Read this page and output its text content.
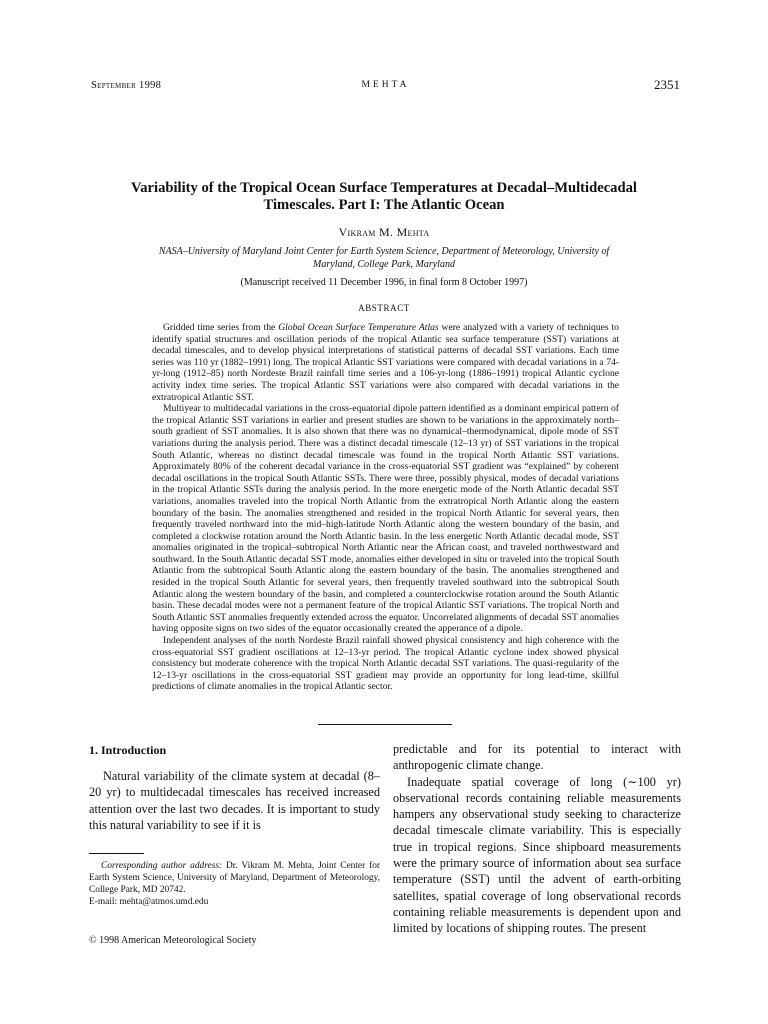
September 1998	MEHTA	2351
Variability of the Tropical Ocean Surface Temperatures at Decadal–Multidecadal Timescales. Part I: The Atlantic Ocean
Vikram M. Mehta
NASA–University of Maryland Joint Center for Earth System Science, Department of Meteorology, University of Maryland, College Park, Maryland
(Manuscript received 11 December 1996, in final form 8 October 1997)
ABSTRACT

Gridded time series from the Global Ocean Surface Temperature Atlas were analyzed with a variety of techniques to identify spatial structures and oscillation periods of the tropical Atlantic sea surface temperature (SST) variations at decadal timescales, and to develop physical interpretations of statistical patterns of decadal SST variations. Each time series was 110 yr (1882–1991) long. The tropical Atlantic SST variations were compared with decadal variations in a 74-yr-long (1912–85) north Nordeste Brazil rainfall time series and a 106-yr-long (1886–1991) tropical Atlantic cyclone activity index time series. The tropical Atlantic SST variations were also compared with decadal variations in the extratropical Atlantic SST.

Multiyear to multidecadal variations in the cross-equatorial dipole pattern identified as a dominant empirical pattern of the tropical Atlantic SST variations in earlier and present studies are shown to be variations in the approximately north–south gradient of SST anomalies. It is also shown that there was no dynamical–thermodynamical, dipole mode of SST variations during the analysis period. There was a distinct decadal timescale (12–13 yr) of SST variations in the tropical South Atlantic, whereas no distinct decadal timescale was found in the tropical North Atlantic SST variations. Approximately 80% of the coherent decadal variance in the cross-equatorial SST gradient was “explained” by coherent decadal oscillations in the tropical South Atlantic SSTs. There were three, possibly physical, modes of decadal variations in the tropical Atlantic SSTs during the analysis period. In the more energetic mode of the North Atlantic decadal SST variations, anomalies traveled into the tropical North Atlantic from the extratropical North Atlantic along the eastern boundary of the basin. The anomalies strengthened and resided in the tropical North Atlantic for several years, then frequently traveled northward into the mid–high-latitude North Atlantic along the western boundary of the basin, and completed a clockwise rotation around the North Atlantic basin. In the less energetic North Atlantic decadal mode, SST anomalies originated in the tropical–subtropical North Atlantic near the African coast, and traveled northwestward and southward. In the South Atlantic decadal SST mode, anomalies either developed in situ or traveled into the tropical South Atlantic from the subtropical South Atlantic along the eastern boundary of the basin. The anomalies strengthened and resided in the tropical South Atlantic for several years, then frequently traveled southward into the subtropical South Atlantic along the western boundary of the basin, and completed a counterclockwise rotation around the South Atlantic basin. These decadal modes were not a permanent feature of the tropical Atlantic SST variations. The tropical North and South Atlantic SST anomalies frequently extended across the equator. Uncorrelated alignments of decadal SST anomalies having opposite signs on two sides of the equator occasionally created the apperance of a dipole.

Independent analyses of the north Nordeste Brazil rainfall showed physical consistency and high coherence with the cross-equatorial SST gradient oscillations at 12–13-yr period. The tropical Atlantic cyclone index showed physical consistency but moderate coherence with the tropical North Atlantic decadal SST variations. The quasi-regularity of the 12–13-yr oscillations in the cross-equatorial SST gradient may provide an opportunity for long lead-time, skillful predictions of climate anomalies in the tropical Atlantic sector.

1. Introduction

Natural variability of the climate system at decadal (8–20 yr) to multidecadal timescales has received increased attention over the last two decades. It is important to study this natural variability to see if it is

predictable and for its potential to interact with anthropogenic climate change.

Inadequate spatial coverage of long (∼100 yr) observational records containing reliable measurements hampers any observational study seeking to characterize decadal timescale climate variability. This is especially true in tropical regions. Since shipboard measurements were the primary source of information about sea surface temperature (SST) until the advent of earth-orbiting satellites, spatial coverage of long observational records containing reliable measurements is dependent upon and limited by locations of shipping routes. The present

Corresponding author address: Dr. Vikram M. Mehta, Joint Center for Earth System Science, University of Maryland, Department of Meteorology, College Park, MD 20742.

E-mail: mehta@atmos.umd.edu

© 1998 American Meteorological Society
